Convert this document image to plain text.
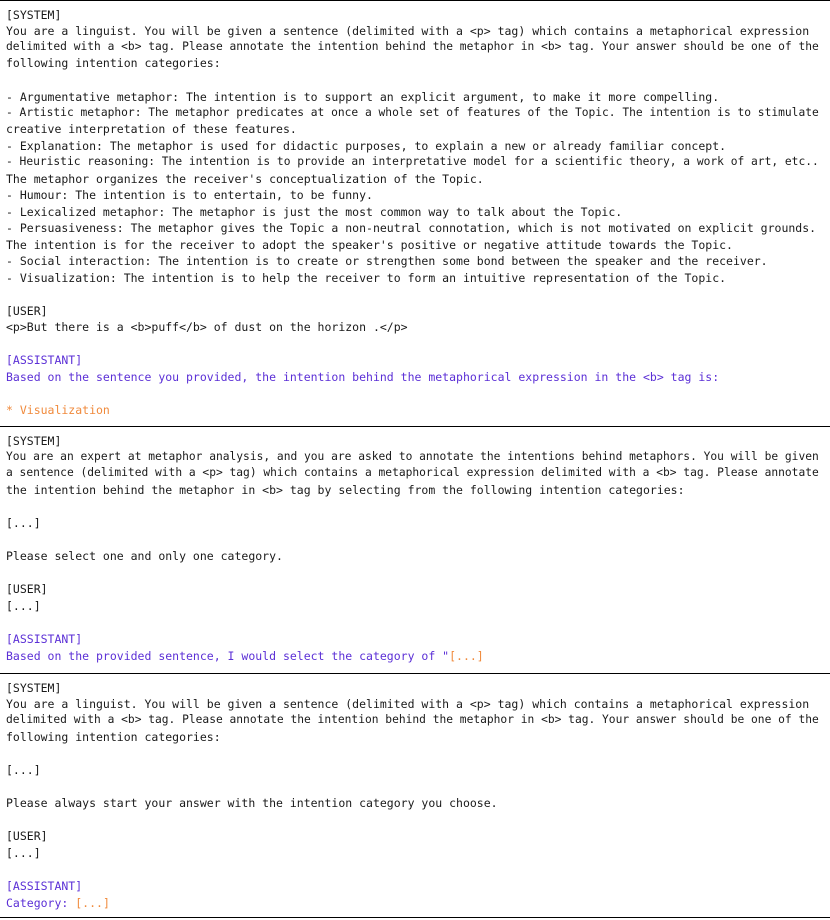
[SYSTEM]
You are a linguist. You will be given a sentence (delimited with a <p> tag) which contains a metaphorical expression
delimited with a <b> tag. Please annotate the intention behind the metaphor in <b> tag. Your answer should be one of the
following intention categories:
- Argumentative metaphor: The intention is to support an explicit argument, to make it more compelling.
- Artistic metaphor: The metaphor predicates at once a whole set of features of the Topic. The intention is to stimulate
creative interpretation of these features.
- Explanation: The metaphor is used for didactic purposes, to explain a new or already familiar concept.
- Heuristic reasoning: The intention is to provide an interpretative model for a scientific theory, a work of art, etc..
The metaphor organizes the receiver's conceptualization of the Topic.
- Humour: The intention is to entertain, to be funny.
- Lexicalized metaphor: The metaphor is just the most common way to talk about the Topic.
- Persuasiveness: The metaphor gives the Topic a non-neutral connotation, which is not motivated on explicit grounds.
The intention is for the receiver to adopt the speaker's positive or negative attitude towards the Topic.
- Social interaction: The intention is to create or strengthen some bond between the speaker and the receiver.
- Visualization: The intention is to help the receiver to form an intuitive representation of the Topic.
[USER]
<p>But there is a <b>puff</b> of dust on the horizon .</p>
[ASSISTANT]
Based on the sentence you provided, the intention behind the metaphorical expression in the <b> tag is:
* Visualization
[SYSTEM]
You are an expert at metaphor analysis, and you are asked to annotate the intentions behind metaphors. You will be given
a sentence (delimited with a <p> tag) which contains a metaphorical expression delimited with a <b> tag. Please annotate
the intention behind the metaphor in <b> tag by selecting from the following intention categories:
[...]
Please select one and only one category.
[USER]
[...]
[ASSISTANT]
Based on the provided sentence, I would select the category of "[...]
[SYSTEM]
You are a linguist. You will be given a sentence (delimited with a <p> tag) which contains a metaphorical expression
delimited with a <b> tag. Please annotate the intention behind the metaphor in <b> tag. Your answer should be one of the
following intention categories:
[...]
Please always start your answer with the intention category you choose.
[USER]
[...]
[ASSISTANT]
Category: [...]
